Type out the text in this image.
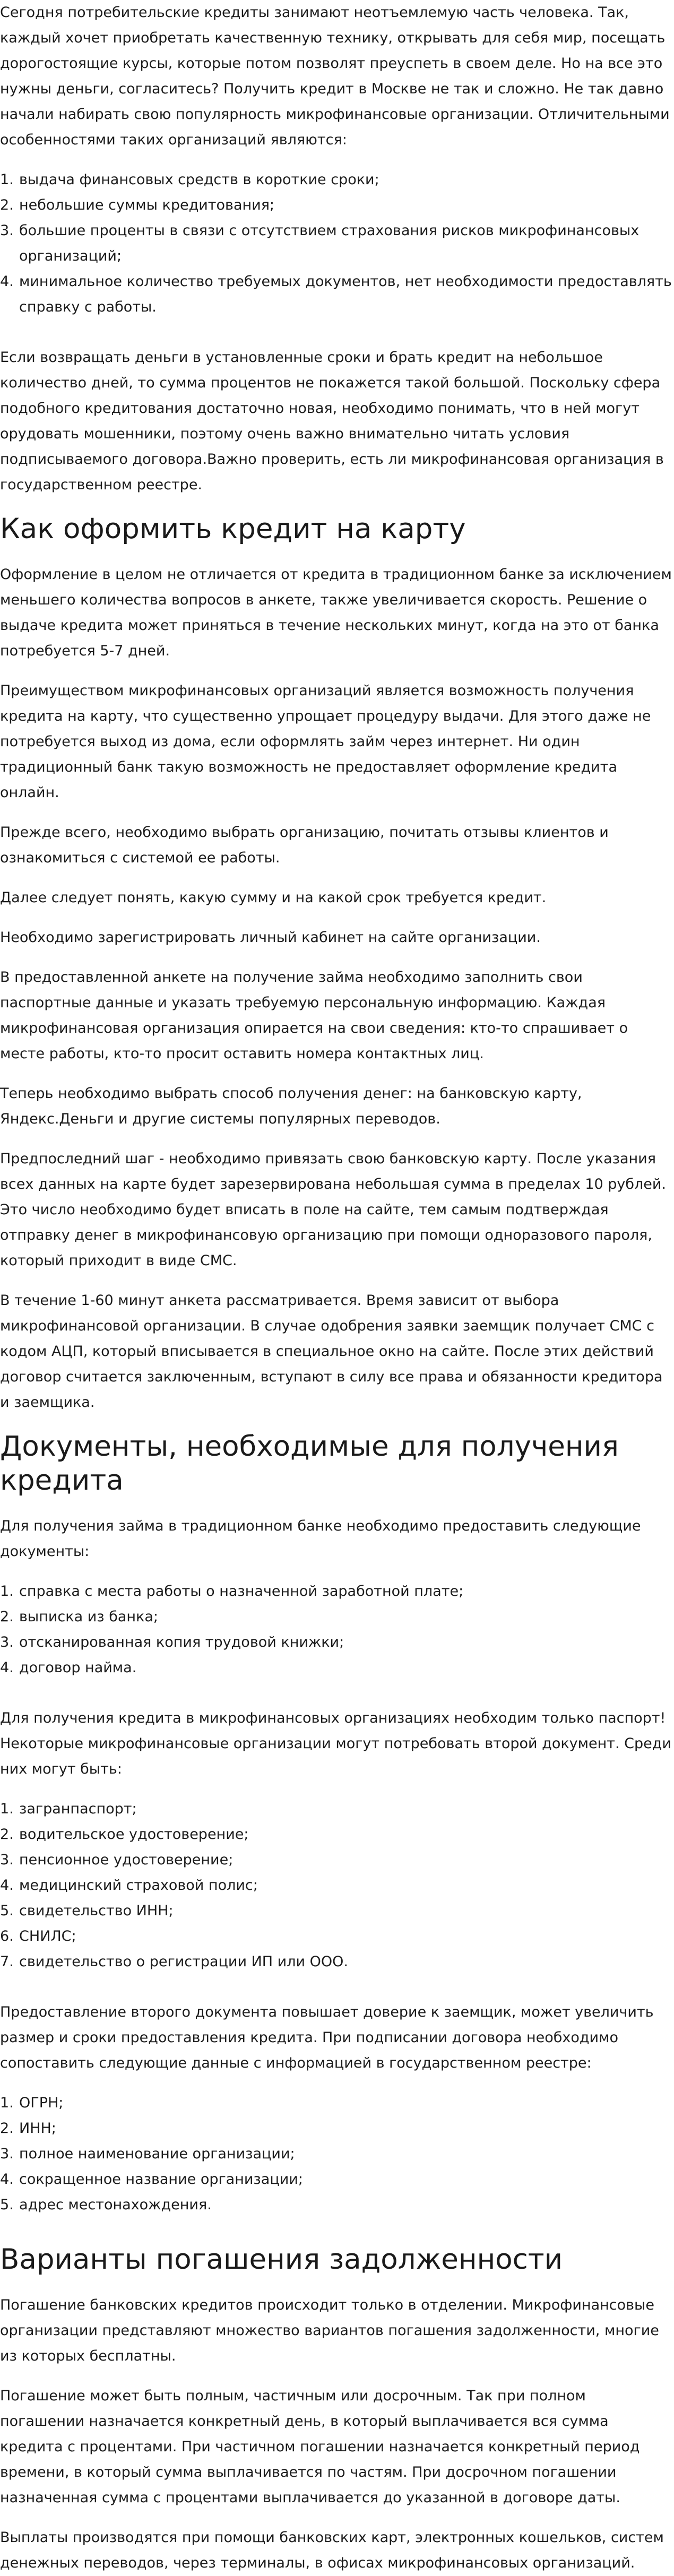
Сегодня потребительские кредиты занимают неотъемлемую часть человека. Так, каждый хочет приобретать качественную технику, открывать для себя мир, посещать дорогостоящие курсы, которые потом позволят преуспеть в своем деле. Но на все это нужны деньги, согласитесь? Получить кредит в Москве не так и сложно. Не так давно начали набирать свою популярность микрофинансовые организации. Отличительными особенностями таких организаций являются:

выдача финансовых средств в короткие сроки;
небольшие суммы кредитования;
большие проценты в связи с отсутствием страхования рисков микрофинансовых организаций;
минимальное количество требуемых документов, нет необходимости предоставлять справку с работы.

Если возвращать деньги в установленные сроки и брать кредит на небольшое количество дней, то сумма процентов не покажется такой большой. Поскольку сфера подобного кредитования достаточно новая, необходимо понимать, что в ней могут орудовать мошенники, поэтому очень важно внимательно читать условия подписываемого договора.Важно проверить, есть ли микрофинансовая организация в государственном реестре.

Как оформить кредит на карту

Оформление в целом не отличается от кредита в традиционном банке за исключением меньшего количества вопросов в анкете, также увеличивается скорость. Решение о выдаче кредита может приняться в течение нескольких минут, когда на это от банка потребуется 5-7 дней.

Преимуществом микрофинансовых организаций является возможность получения кредита на карту, что существенно упрощает процедуру выдачи. Для этого даже не потребуется выход из дома, если оформлять займ через интернет. Ни один традиционный банк такую возможность не предоставляет оформление кредита онлайн.

Прежде всего, необходимо выбрать организацию, почитать отзывы клиентов и ознакомиться с системой ее работы.

Далее следует понять, какую сумму и на какой срок требуется кредит.

Необходимо зарегистрировать личный кабинет на сайте организации.

В предоставленной анкете на получение займа необходимо заполнить свои паспортные данные и указать требуемую персональную информацию. Каждая микрофинансовая организация опирается на свои сведения: кто-то спрашивает о месте работы, кто-то просит оставить номера контактных лиц.

Теперь необходимо выбрать способ получения денег: на банковскую карту, Яндекс.Деньги и другие системы популярных переводов.

Предпоследний шаг - необходимо привязать свою банковскую карту. После указания всех данных на карте будет зарезервирована небольшая сумма в пределах 10 рублей. Это число необходимо будет вписать в поле на сайте, тем самым подтверждая отправку денег в микрофинансовую организацию при помощи одноразового пароля, который приходит в виде СМС.

В течение 1-60 минут анкета рассматривается. Время зависит от выбора микрофинансовой организации. В случае одобрения заявки заемщик получает СМС с кодом АЦП, который вписывается в специальное окно на сайте. После этих действий договор считается заключенным, вступают в силу все права и обязанности кредитора и заемщика.

Документы, необходимые для получения кредита

Для получения займа в традиционном банке необходимо предоставить следующие документы:

справка с места работы о назначенной заработной плате;
выписка из банка;
отсканированная копия трудовой книжки;
договор найма.

Для получения кредита в микрофинансовых организациях необходим только паспорт! Некоторые микрофинансовые организации могут потребовать второй документ. Среди них могут быть:

загранпаспорт;
водительское удостоверение;
пенсионное удостоверение;
медицинский страховой полис;
свидетельство ИНН;
СНИЛС;
свидетельство о регистрации ИП или ООО.

Предоставление второго документа повышает доверие к заемщик, может увеличить размер и сроки предоставления кредита. При подписании договора необходимо сопоставить следующие данные с информацией в государственном реестре:

ОГРН;
ИНН;
полное наименование организации;
сокращенное название организации;
адрес местонахождения.
Варианты погашения задолженности

Погашение банковских кредитов происходит только в отделении. Микрофинансовые организации представляют множество вариантов погашения задолженности, многие из которых бесплатны.

Погашение может быть полным, частичным или досрочным. Так при полном погашении назначается конкретный день, в который выплачивается вся сумма кредита с процентами. При частичном погашении назначается конкретный период времени, в который сумма выплачивается по частям. При досрочном погашении назначенная сумма с процентами выплачивается до указанной в договоре даты.

Выплаты производятся при помощи банковских карт, электронных кошельков, систем денежных переводов, через терминалы, в офисах микрофинансовых организаций.
